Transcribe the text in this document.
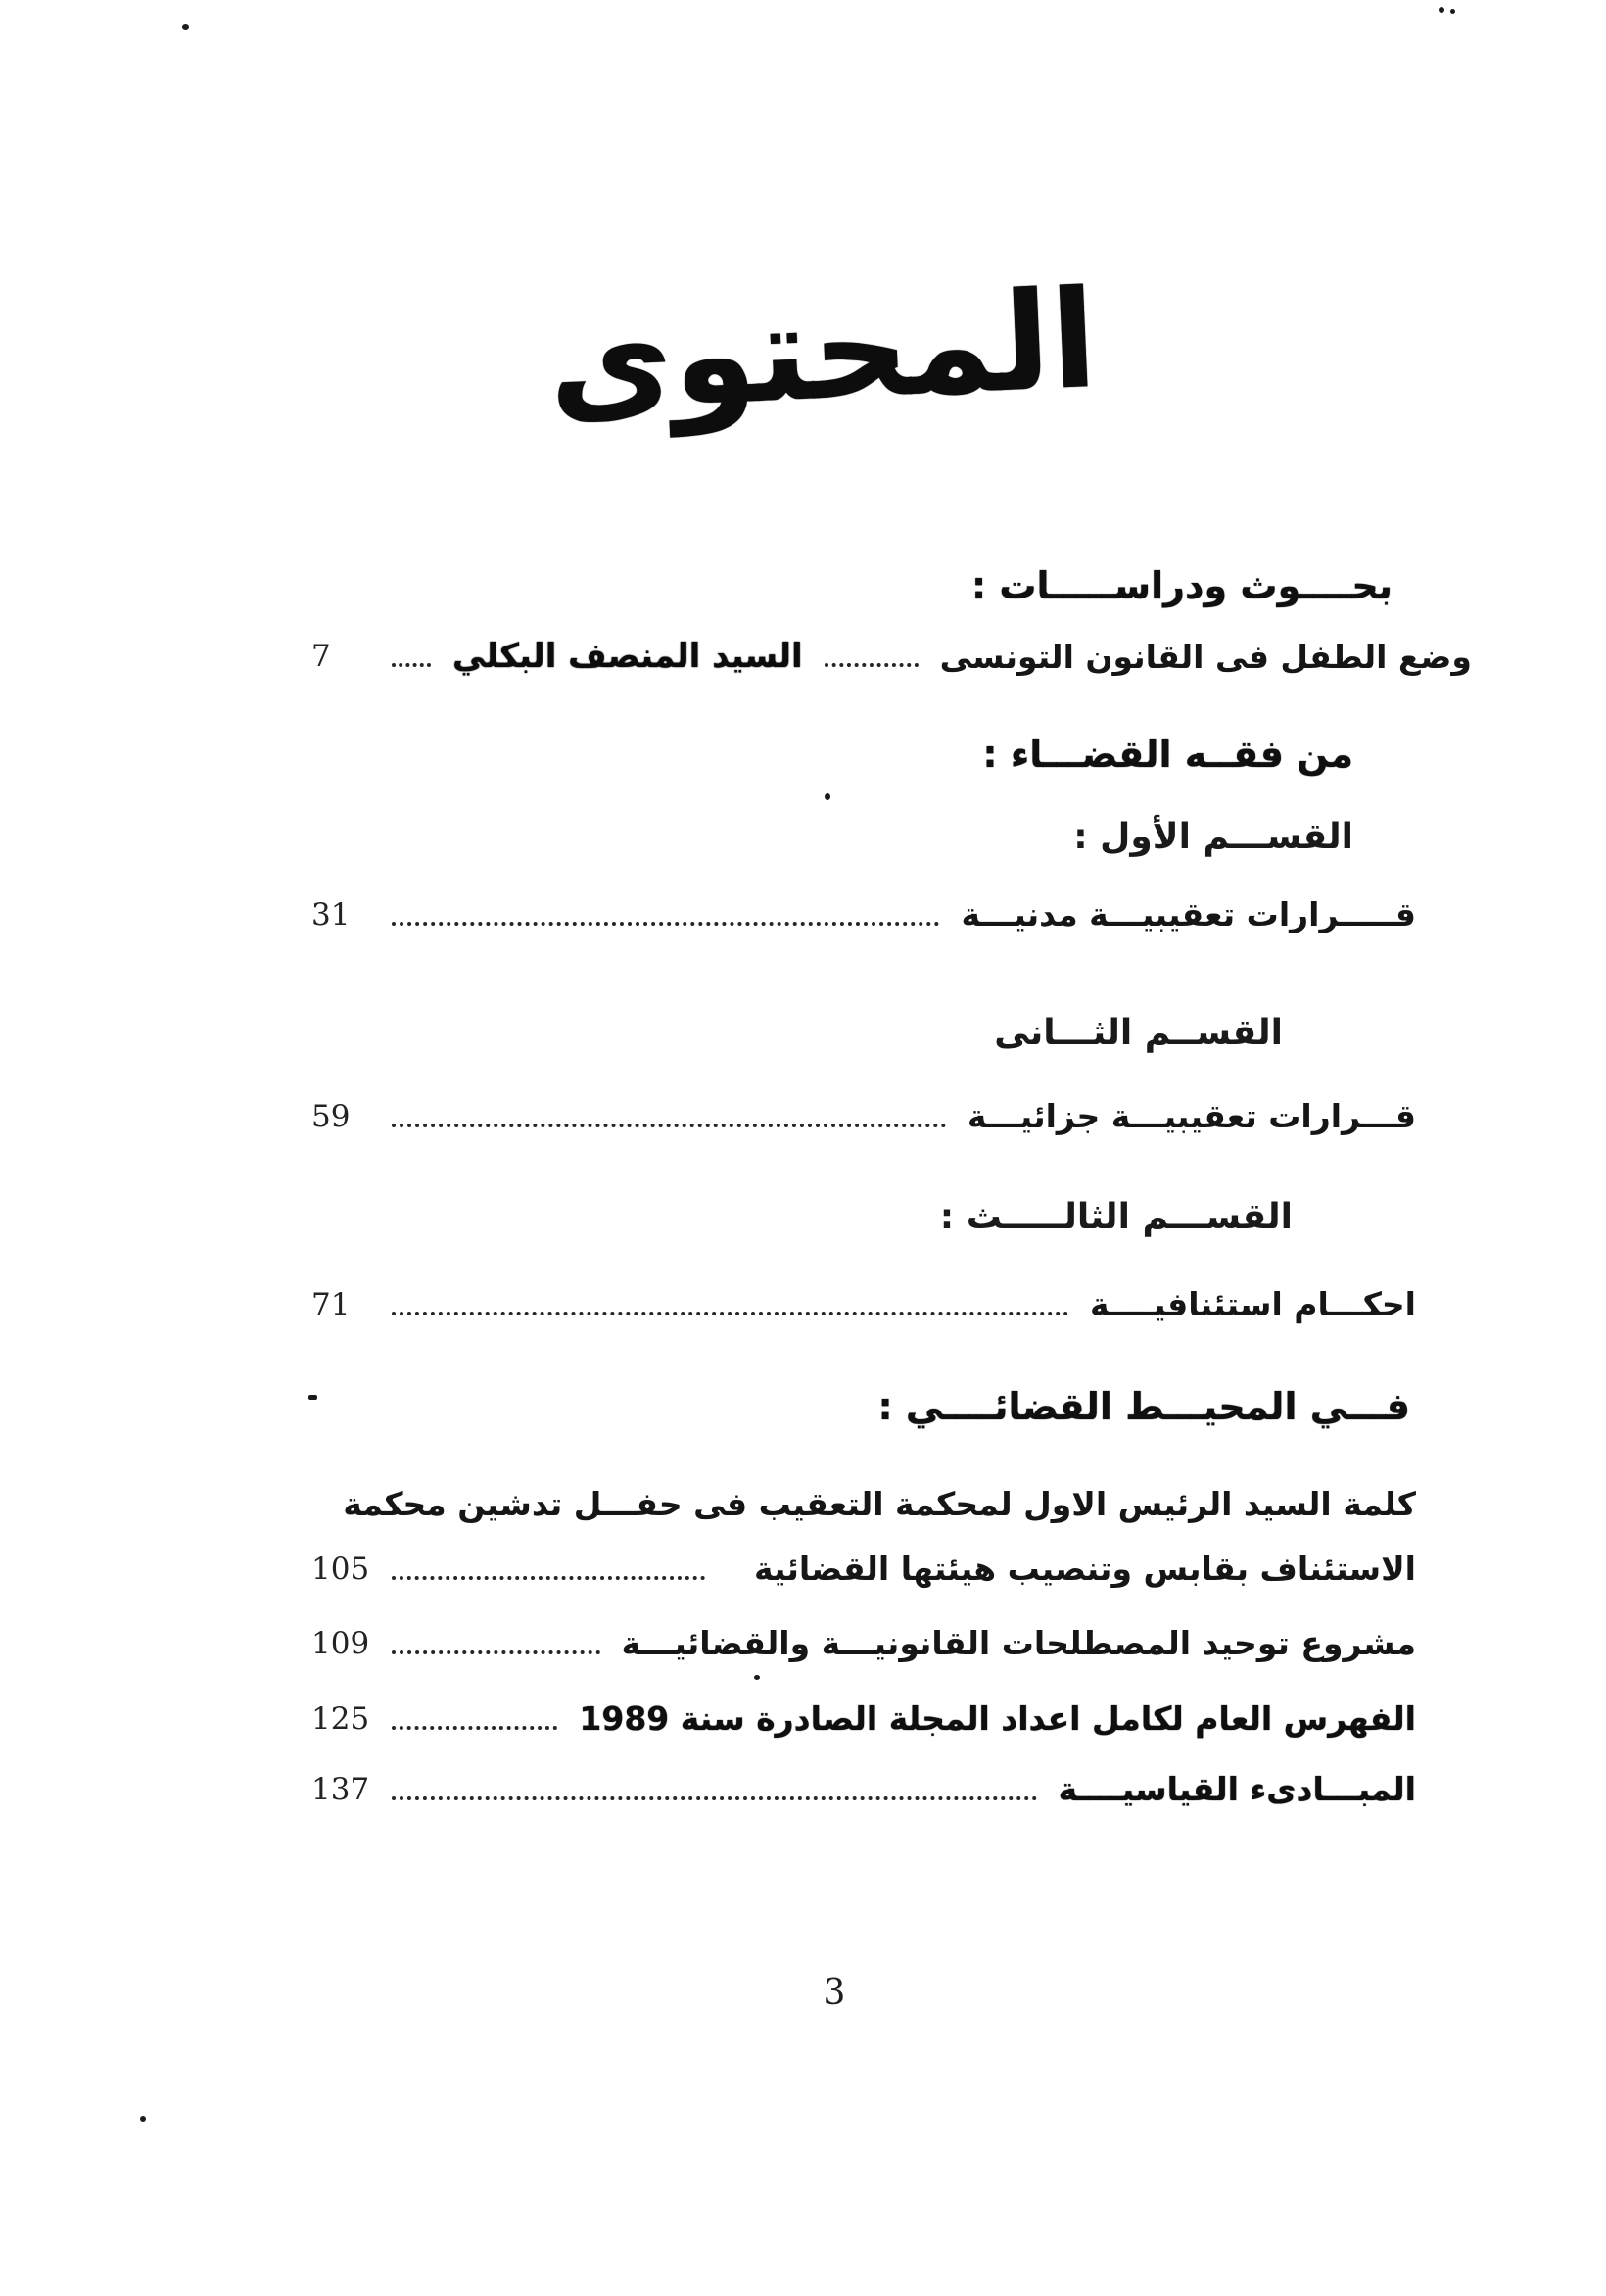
المحتوى
بحــــوث ودراســـــات :
7	السيد المنصف البكلي	وضع الطفل فى القانون التونسى
من فقــه القضـــاء :
القســـم الأول :
31	قـــــرارات تعقيبيـــة مدنيـــة
القســم الثـــانى
59	قـــرارات تعقيبيـــة جزائيـــة
القســـم الثالـــــث :
71	احكـــام استئنافيــــة
فـــي المحيـــط القضائــــي :
كلمة السيد الرئيس الاول لمحكمة التعقيب فى حفـــل تدشين محكمة
105	الاستئناف بقابس وتنصيب هيئتها القضائية
109	مشروع توحيد المصطلحات القانونيـــة والقضائيـــة
125	الفهرس العام لكامل اعداد المجلة الصادرة سنة 1989
137	المبـــادىء القياسيــــة
3
